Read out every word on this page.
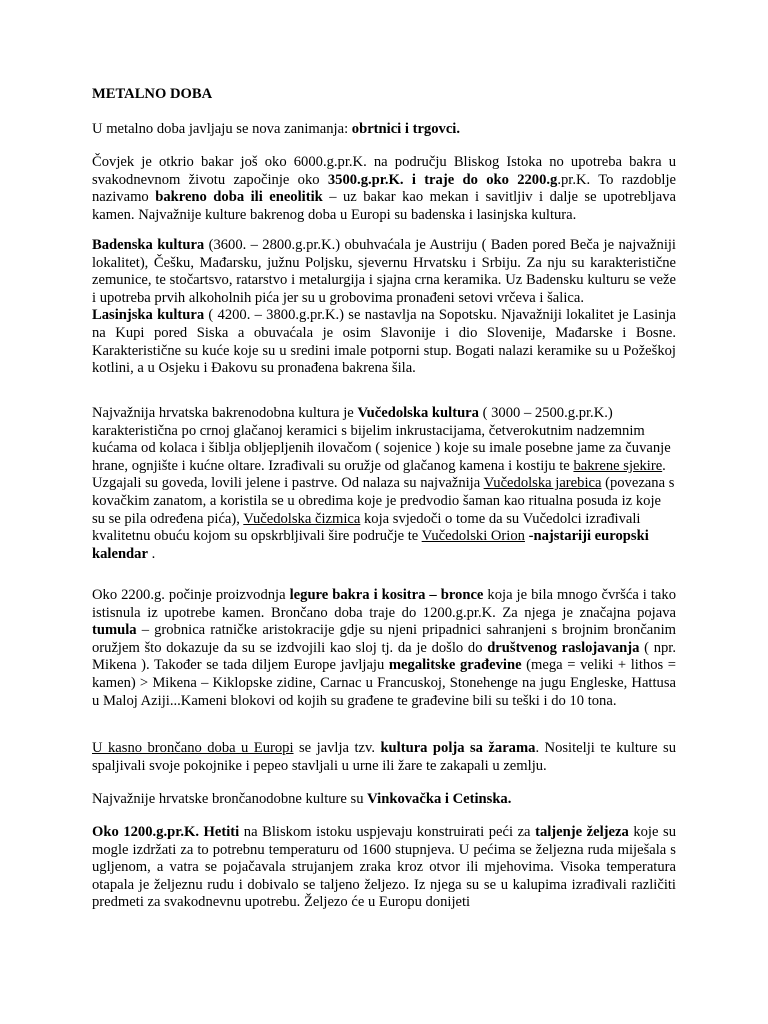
METALNO DOBA

U metalno doba javljaju se nova zanimanja: obrtnici i trgovci.

Čovjek je otkrio bakar još oko 6000.g.pr.K. na području Bliskog Istoka no upotreba bakra u svakodnevnom životu započinje oko 3500.g.pr.K. i traje do oko 2200.g.pr.K. To razdoblje nazivamo bakreno doba ili eneolitik – uz bakar kao mekan i savitljiv i dalje se upotrebljava kamen. Najvažnije kulture bakrenog doba u Europi su badenska i lasinjska kultura.

Badenska kultura (3600. – 2800.g.pr.K.) obuhvaćala je Austriju ( Baden pored Beča je najvažniji lokalitet), Češku, Mađarsku, južnu Poljsku, sjevernu Hrvatsku i Srbiju. Za nju su karakteristične zemunice, te stočartsvo, ratarstvo i metalurgija i sjajna crna keramika. Uz Badensku kulturu se veže i upotreba prvih alkoholnih pića jer su u grobovima pronađeni setovi vrčeva i šalica.
Lasinjska kultura ( 4200. – 3800.g.pr.K.) se nastavlja na Sopotsku. Njavažniji lokalitet je Lasinja na Kupi pored Siska a obuvaćala je osim Slavonije i dio Slovenije, Mađarske i Bosne. Karakteristične su kuće koje su u sredini imale potporni stup. Bogati nalazi keramike su u Požeškoj kotlini, a u Osjeku i Đakovu su pronađena bakrena šila.

Najvažnija hrvatska bakrenodobna kultura je Vučedolska kultura ( 3000 – 2500.g.pr.K.) karakteristična po crnoj glačanoj keramici s bijelim inkrustacijama, četverokutnim nadzemnim kućama od kolaca i šiblja obljepljenih ilovačom ( sojenice ) koje su imale posebne jame za čuvanje hrane, ognjište i kućne oltare. Izrađivali su oružje od glačanog kamena i kostiju te bakrene sjekire. Uzgajali su goveda, lovili jelene i pastrve. Od nalaza su najvažnija Vučedolska jarebica (povezana s kovačkim zanatom, a koristila se u obredima koje je predvodio šaman kao ritualna posuda iz koje su se pila određena pića), Vučedolska čizmica koja svjedoči o tome da su Vučedolci izrađivali kvalitetnu obuću kojom su opskrbljivali šire područje te Vučedolski Orion -najstariji europski kalendar .

Oko 2200.g. počinje proizvodnja legure bakra i kositra – bronce koja je bila mnogo čvršća i tako istisnula iz upotrebe kamen. Brončano doba traje do 1200.g.pr.K. Za njega je značajna pojava tumula – grobnica ratničke aristokracije gdje su njeni pripadnici sahranjeni s brojnim brončanim oružjem što dokazuje da su se izdvojili kao sloj tj. da je došlo do društvenog raslojavanja ( npr. Mikena ). Također se tada diljem Europe javljaju megalitske građevine (mega = veliki + lithos = kamen) > Mikena – Kiklopske zidine, Carnac u Francuskoj, Stonehenge na jugu Engleske, Hattusa u Maloj Aziji...Kameni blokovi od kojih su građene te građevine bili su teški i do 10 tona.

U kasno brončano doba u Europi se javlja tzv. kultura polja sa žarama. Nositelji te kulture su spaljivali svoje pokojnike i pepeo stavljali u urne ili žare te zakapali u zemlju.

Najvažnije hrvatske brončanodobne kulture su Vinkovačka i Cetinska.

Oko 1200.g.pr.K. Hetiti na Bliskom istoku uspjevaju konstruirati peći za taljenje željeza koje su mogle izdržati za to potrebnu temperaturu od 1600 stupnjeva. U pećima se željezna ruda miješala s ugljenom, a vatra se pojačavala strujanjem zraka kroz otvor ili mjehovima. Visoka temperatura otapala je željeznu rudu i dobivalo se taljeno željezo. Iz njega su se u kalupima izrađivali različiti predmeti za svakodnevnu upotrebu. Željezo će u Europu donijeti
